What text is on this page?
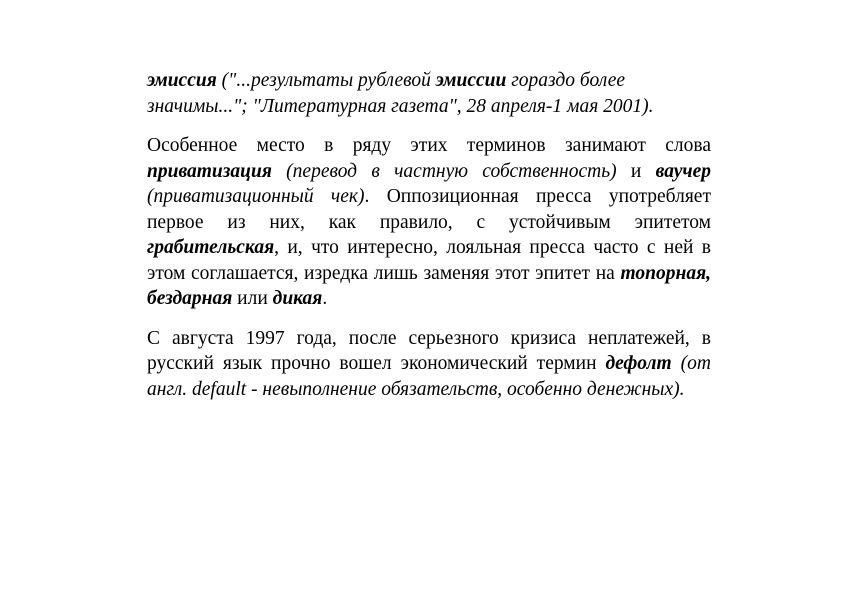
эмиссия ("...результаты рублевой эмиссии гораздо более значимы..."; "Литературная газета", 28 апреля-1 мая 2001).

Особенное место в ряду этих терминов занимают слова приватизация (перевод в частную собственность) и ваучер (приватизационный чек). Оппозиционная пресса употребляет первое из них, как правило, с устойчивым эпитетом грабительская, и, что интересно, лояльная пресса часто с ней в этом соглашается, изредка лишь заменяя этот эпитет на топорная, бездарная или дикая.

С августа 1997 года, после серьезного кризиса неплатежей, в русский язык прочно вошел экономический термин дефолт (от англ. default - невыполнение обязательств, особенно денежных).
